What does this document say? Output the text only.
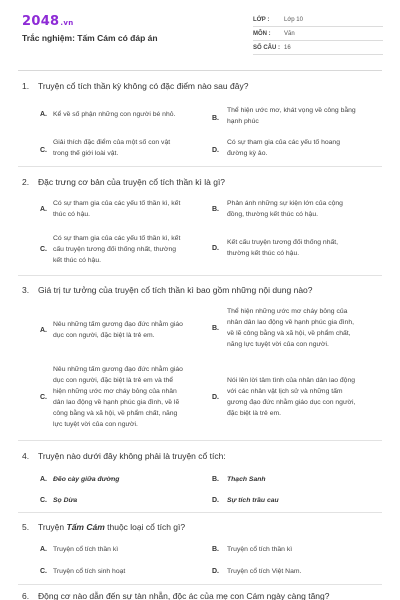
2048.vn
Trắc nghiệm: Tấm Cám có đáp án
LỚP : Lớp 10
MÔN : Văn
SỐ CÂU : 16
1. Truyện cổ tích thần kỳ không có đặc điểm nào sau đây?
A. Kể về số phận những con người bé nhỏ.
B.
Thể hiện ước mơ, khát vọng về công bằng
hạnh phúc
C.
Giải thích đặc điểm của một số con vật
trong thế giới loài vật.	D.
Có sự tham gia của các yếu tố hoang
đường kỳ ảo.
2. Đặc trưng cơ bản của truyện cổ tích thần kì là gì?
A.
Có sự tham gia của các yếu tố thần kì, kết
thúc có hậu.
B.
Phản ánh những sự kiện lớn của cộng
đồng, thường kết thúc có hậu.
C.
Có sự tham gia của các yếu tố thần kì, kết
cấu truyện tương đối thống nhất, thường
kết thúc có hậu.
D.
Kết cấu truyện tương đối thống nhất,
thường kết thúc có hậu.
3. Giá trị tư tưởng của truyện cổ tích thần kì bao gồm những nội dung nào?
A.
Nêu những tấm gương đạo đức nhằm giáo
dục con người, đặc biệt là trẻ em.
B.
Thể hiện những ước mơ cháy bỏng của
nhân dân lao động về hạnh phúc gia đình,
về lẽ công bằng và xã hội, về phẩm chất,
năng lực tuyệt vời của con người.
C.
Nêu những tấm gương đạo đức nhằm giáo
dục con người, đặc biệt là trẻ em và thể
hiện những ước mơ cháy bỏng của nhân
dân lao động về hạnh phúc gia đình, về lẽ
công bằng và xã hội, về phẩm chất, năng
lực tuyệt vời của con người.
D.
Nói lên lời tâm tình của nhân dân lao động
với các nhân vật lịch sử và những tấm
gương đạo đức nhằm giáo dục con người,
đặc biệt là trẻ em.
4. Truyện nào dưới đây không phải là truyện cổ tích:
A. Đẽo cày giữa đường	B. Thạch Sanh
C. Sọ Dừa	D. Sự tích trầu cau
5. Truyện Tấm Cám thuộc loại cổ tích gì?
A. Truyện cổ tích thần kì	B. Truyện cổ tích thần kì
C. Truyện cổ tích sinh hoạt	D. Truyện cổ tích Việt Nam.
6. Động cơ nào dẫn đến sự tàn nhẫn, độc ác của mẹ con Cám ngày càng tăng?
